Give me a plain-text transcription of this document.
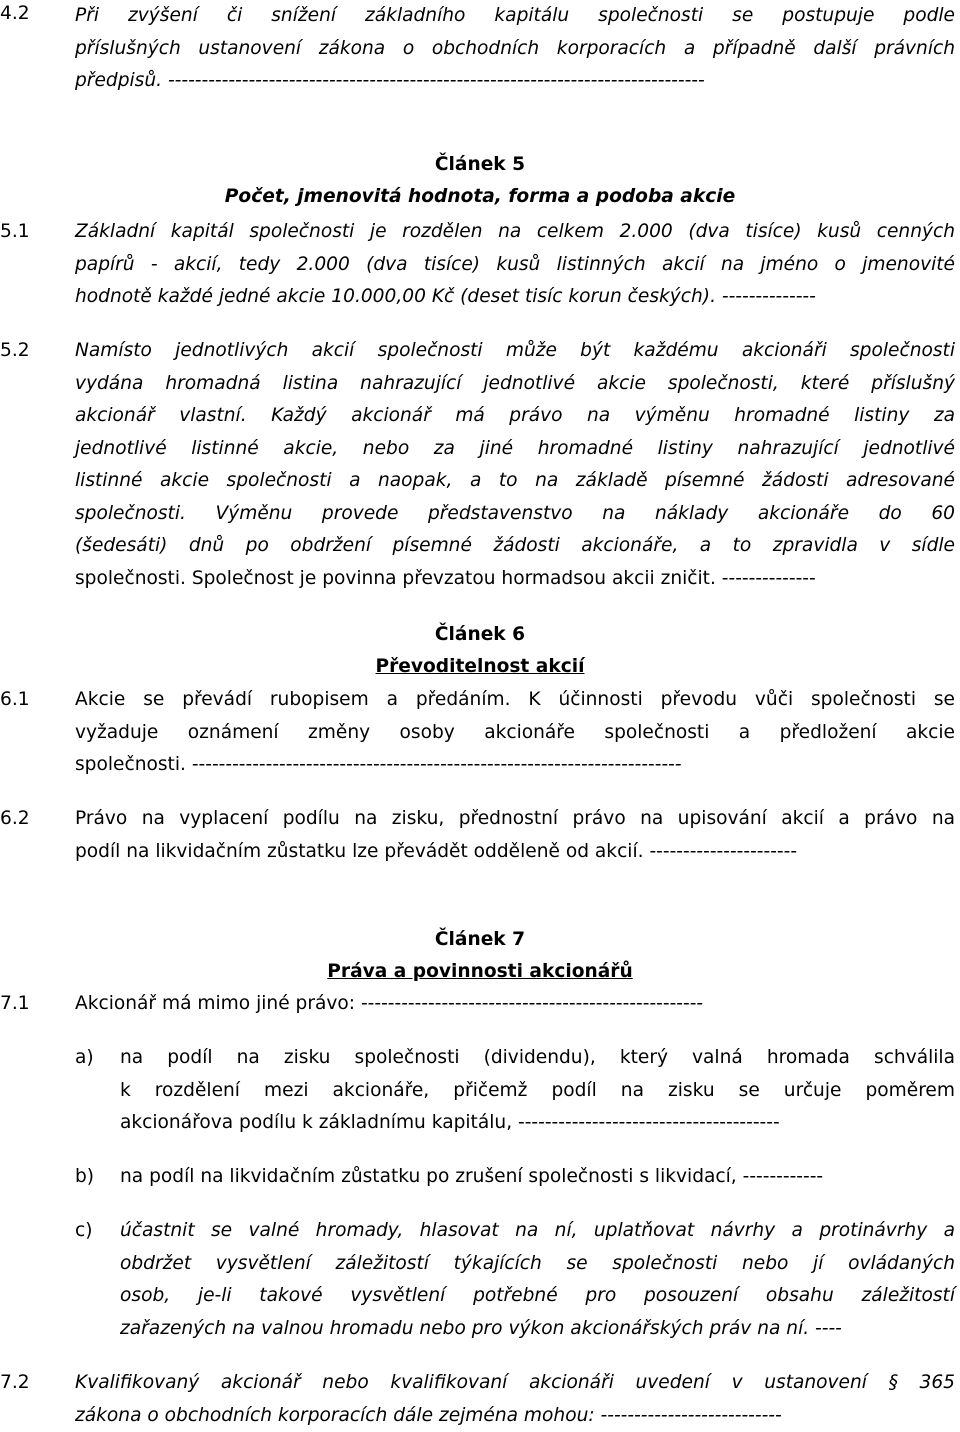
4.2 Při zvýšení či snížení základního kapitálu společnosti se postupuje podle
příslušných ustanovení zákona o obchodních korporacích a případně další právních
předpisů. --------------------------------------------------------------------------------
Článek 5
Počet, jmenovitá hodnota, forma a podoba akcie
5.1 Základní kapitál společnosti je rozdělen na celkem 2.000 (dva tisíce) kusů cenných
papírů - akcií, tedy 2.000 (dva tisíce) kusů listinných akcií na jméno o jmenovité
hodnotě každé jedné akcie 10.000,00 Kč (deset tisíc korun českých). --------------
5.2 Namísto jednotlivých akcií společnosti může být každému akcionáři společnosti
vydána hromadná listina nahrazující jednotlivé akcie společnosti, které příslušný
akcionář vlastní. Každý akcionář má právo na výměnu hromadné listiny za
jednotlivé listinné akcie, nebo za jiné hromadné listiny nahrazující jednotlivé
listinné akcie společnosti a naopak, a to na základě písemné žádosti adresované
společnosti. Výměnu provede představenstvo na náklady akcionáře do 60
(šedesáti) dnů po obdržení písemné žádosti akcionáře, a to zpravidla v sídle
společnosti. Společnost je povinna převzatou hormadsou akcii zničit. --------------
Článek 6
Převoditelnost akcií
6.1 Akcie se převádí rubopisem a předáním. K účinnosti převodu vůči společnosti se
vyžaduje oznámení změny osoby akcionáře společnosti a předložení akcie
společnosti. -------------------------------------------------------------------------
6.2 Právo na vyplacení podílu na zisku, přednostní právo na upisování akcií a právo na
podíl na likvidačním zůstatku lze převádět odděleně od akcií. ----------------------
Článek 7
Práva a povinnosti akcionářů
7.1 Akcionář má mimo jiné právo: ---------------------------------------------------
a) na podíl na zisku společnosti (dividendu), který valná hromada schválila
k rozdělení mezi akcionáře, přičemž podíl na zisku se určuje poměrem
akcionářova podílu k základnímu kapitálu, ---------------------------------------
b) na podíl na likvidačním zůstatku po zrušení společnosti s likvidací, ------------
c) účastnit se valné hromady, hlasovat na ní, uplatňovat návrhy a protinávrhy a
obdržet vysvětlení záležitostí týkajících se společnosti nebo jí ovládaných
osob, je-li takové vysvětlení potřebné pro posouzení obsahu záležitostí
zařazených na valnou hromadu nebo pro výkon akcionářských práv na ní. ----
7.2 Kvalifikovaný akcionář nebo kvalifikovaní akcionáři uvedení v ustanovení § 365
zákona o obchodních korporacích dále zejména mohou: ---------------------------
